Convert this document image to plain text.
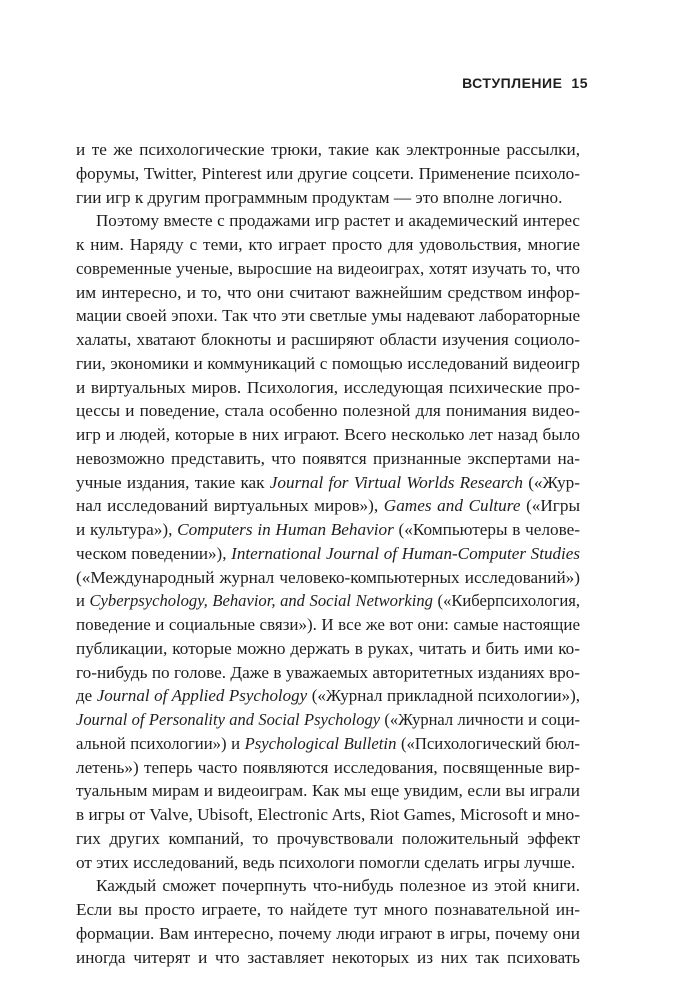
ВСТУПЛЕНИЕ 15
и те же психологические трюки, такие как электронные рассылки,
форумы, Twitter, Pinterest или другие соцсети. Применение психоло-
гии игр к другим программным продуктам — это вполне логично.
Поэтому вместе с продажами игр растет и академический интерес
к ним. Наряду с теми, кто играет просто для удовольствия, многие
современные ученые, выросшие на видеоиграх, хотят изучать то, что
им интересно, и то, что они считают важнейшим средством инфор-
мации своей эпохи. Так что эти светлые умы надевают лабораторные
халаты, хватают блокноты и расширяют области изучения социоло-
гии, экономики и коммуникаций с помощью исследований видеоигр
и виртуальных миров. Психология, исследующая психические про-
цессы и поведение, стала особенно полезной для понимания видео-
игр и людей, которые в них играют. Всего несколько лет назад было
невозможно представить, что появятся признанные экспертами на-
учные издания, такие как Journal for Virtual Worlds Research («Жур-
нал исследований виртуальных миров»), Games and Culture («Игры
и культура»), Computers in Human Behavior («Компьютеры в челове-
ческом поведении»), International Journal of Human-Computer Studies
(«Международный журнал человеко-компьютерных исследований»)
и Cyberpsychology, Behavior, and Social Networking («Киберпсихология,
поведение и социальные связи»). И все же вот они: самые настоящие
публикации, которые можно держать в руках, читать и бить ими ко-
го-нибудь по голове. Даже в уважаемых авторитетных изданиях вро-
де Journal of Applied Psychology («Журнал прикладной психологии»),
Journal of Personality and Social Psychology («Журнал личности и соци-
альной психологии») и Psychological Bulletin («Психологический бюл-
летень») теперь часто появляются исследования, посвященные вир-
туальным мирам и видеоиграм. Как мы еще увидим, если вы играли
в игры от Valve, Ubisoft, Electronic Arts, Riot Games, Microsoft и мно-
гих других компаний, то прочувствовали положительный эффект
от этих исследований, ведь психологи помогли сделать игры лучше.
Каждый сможет почерпнуть что-нибудь полезное из этой книги.
Если вы просто играете, то найдете тут много познавательной ин-
формации. Вам интересно, почему люди играют в игры, почему они
иногда читерят и что заставляет некоторых из них так психовать
